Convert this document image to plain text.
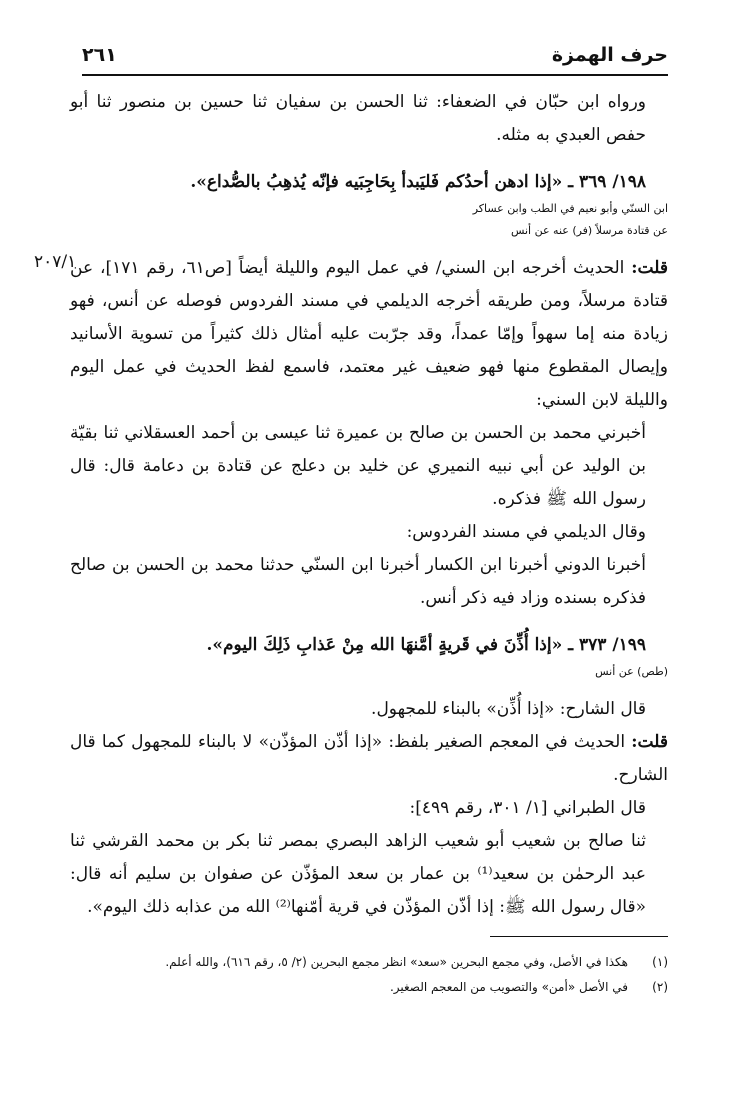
حرف الهمزة
٢٦١

ورواه ابن حبّان في الضعفاء: ثنا الحسن بن سفيان ثنا حسين بن منصور ثنا أبو حفص العبدي به مثله.

١٩٨/ ٣٦٩ ـ «إذا ادهن أحدُكم فَليَبدأ بِحَاجِبَيه فإنّه يُذهِبُ بالصُّداع».

ابن السنّي وأبو نعيم في الطب وابن عساكر

عن قتادة مرسلاً (فر) عنه عن أنس

قلت: الحديث أخرجه ابن السني/ في عمل اليوم والليلة أيضاً [ص٦١، رقم ١٧١]، عن قتادة مرسلاً، ومن طريقه أخرجه الديلمي في مسند الفردوس فوصله عن أنس، فهو زيادة منه إما سهواً وإمّا عمداً، وقد جرّبت عليه أمثال ذلك كثيراً من تسوية الأسانيد وإيصال المقطوع منها فهو ضعيف غير معتمد، فاسمع لفظ الحديث في عمل اليوم والليلة لابن السني:

٢٠٧/١

أخبرني محمد بن الحسن بن صالح بن عميرة ثنا عيسى بن أحمد العسقلاني ثنا بقيّة بن الوليد عن أبي نبيه النميري عن خليد بن دعلج عن قتادة بن دعامة قال: قال رسول الله ﷺ فذكره.

وقال الديلمي في مسند الفردوس:

أخبرنا الدوني أخبرنا ابن الكسار أخبرنا ابن السنّي حدثنا محمد بن الحسن بن صالح فذكره بسنده وزاد فيه ذكر أنس.

١٩٩/ ٣٧٣ ـ «إذا أُذِّنَ في قَريةٍ أمَّنهَا الله مِنْ عَذابِ ذَلِكَ اليوم».

(طص) عن أنس

قال الشارح: «إذا أُذِّن» بالبناء للمجهول.

قلت: الحديث في المعجم الصغير بلفظ: «إذا أذّن المؤذّن» لا بالبناء للمجهول كما قال الشارح.

قال الطبراني [١/ ٣٠١، رقم ٤٩٩]:

ثنا صالح بن شعيب أبو شعيب الزاهد البصري بمصر ثنا بكر بن محمد القرشي ثنا عبد الرحمٰن بن سعيد⁽¹⁾ بن عمار بن سعد المؤذّن عن صفوان بن سليم أنه قال: «قال رسول الله ﷺ: إذا أذّن المؤذّن في قرية أمّنها⁽²⁾ الله من عذابه ذلك اليوم».

(١)
هكذا في الأصل، وفي مجمع البحرين «سعد» انظر مجمع البحرين (٢/ ٥، رقم ٦١٦)، والله أعلم.
(٢)
في الأصل «أمن» والتصويب من المعجم الصغير.
